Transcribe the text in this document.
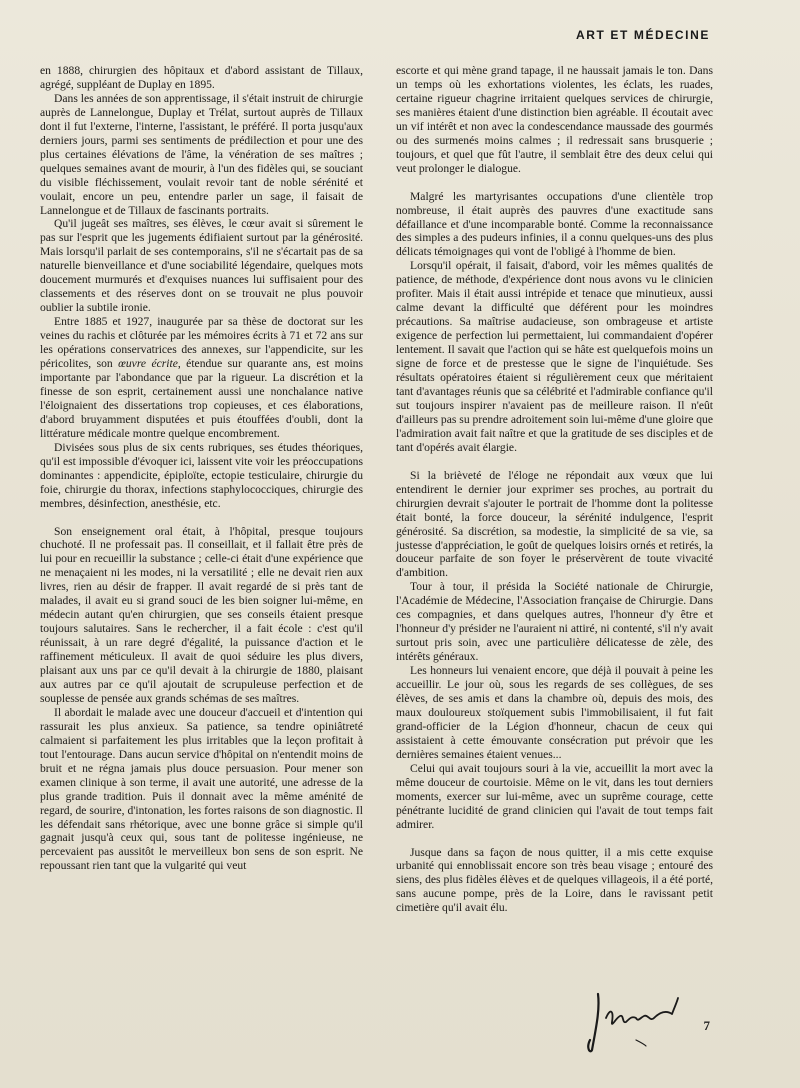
ART ET MÉDECINE

en 1888, chirurgien des hôpitaux et d'abord assistant de Tillaux, agrégé, suppléant de Duplay en 1895.

Dans les années de son apprentissage, il s'était instruit de chirurgie auprès de Lannelongue, Duplay et Trélat, surtout auprès de Tillaux dont il fut l'externe, l'interne, l'assistant, le préféré. Il porta jusqu'aux derniers jours, parmi ses sentiments de prédilection et pour une des plus certaines élévations de l'âme, la vénération de ses maîtres ; quelques semaines avant de mourir, à l'un des fidèles qui, se souciant du visible fléchissement, voulait revoir tant de noble sérénité et voulait, encore un peu, entendre parler un sage, il faisait de Lannelongue et de Tillaux de fascinants portraits.

Qu'il jugeât ses maîtres, ses élèves, le cœur avait si sûrement le pas sur l'esprit que les jugements édifiaient surtout par la générosité. Mais lorsqu'il parlait de ses contemporains, s'il ne s'écartait pas de sa naturelle bienveillance et d'une sociabilité légendaire, quelques mots doucement murmurés et d'exquises nuances lui suffisaient pour des classements et des réserves dont on se trouvait ne plus pouvoir oublier la subtile ironie.

Entre 1885 et 1927, inaugurée par sa thèse de doctorat sur les veines du rachis et clôturée par les mémoires écrits à 71 et 72 ans sur les opérations conservatrices des annexes, sur l'appendicite, sur les péricolites, son œuvre écrite, étendue sur quarante ans, est moins importante par l'abondance que par la rigueur. La discrétion et la finesse de son esprit, certainement aussi une nonchalance native l'éloignaient des dissertations trop copieuses, et ces élaborations, d'abord bruyamment disputées et puis étouffées d'oubli, dont la littérature médicale montre quelque encombrement.

Divisées sous plus de six cents rubriques, ses études théoriques, qu'il est impossible d'évoquer ici, laissent vite voir les préoccupations dominantes : appendicite, épiploïte, ectopie testiculaire, chirurgie du foie, chirurgie du thorax, infections staphylococciques, chirurgie des membres, désinfection, anesthésie, etc.

Son enseignement oral était, à l'hôpital, presque toujours chuchoté. Il ne professait pas. Il conseillait, et il fallait être près de lui pour en recueillir la substance ; celle-ci était d'une expérience que ne menaçaient ni les modes, ni la versatilité ; elle ne devait rien aux livres, rien au désir de frapper. Il avait regardé de si près tant de malades, il avait eu si grand souci de les bien soigner lui-même, en médecin autant qu'en chirurgien, que ses conseils étaient presque toujours salutaires. Sans le rechercher, il a fait école : c'est qu'il réunissait, à un rare degré d'égalité, la puissance d'action et le raffinement méticuleux. Il avait de quoi séduire les plus divers, plaisant aux uns par ce qu'il devait à la chirurgie de 1880, plaisant aux autres par ce qu'il ajoutait de scrupuleuse perfection et de souplesse de pensée aux grands schémas de ses maîtres.

Il abordait le malade avec une douceur d'accueil et d'intention qui rassurait les plus anxieux. Sa patience, sa tendre opiniâtreté calmaient si parfaitement les plus irritables que la leçon profitait à tout l'entourage. Dans aucun service d'hôpital on n'entendit moins de bruit et ne régna jamais plus douce persuasion. Pour mener son examen clinique à son terme, il avait une autorité, une adresse de la plus grande tradition. Puis il donnait avec la même aménité de regard, de sourire, d'intonation, les fortes raisons de son diagnostic. Il les défendait sans rhétorique, avec une bonne grâce si simple qu'il gagnait jusqu'à ceux qui, sous tant de politesse ingénieuse, ne percevaient pas aussitôt le merveilleux bon sens de son esprit. Ne repoussant rien tant que la vulgarité qui veut

escorte et qui mène grand tapage, il ne haussait jamais le ton. Dans un temps où les exhortations violentes, les éclats, les ruades, certaine rigueur chagrine irritaient quelques services de chirurgie, ses manières étaient d'une distinction bien agréable. Il écoutait avec un vif intérêt et non avec la condescendance maussade des gourmés ou des surmenés moins calmes ; il redressait sans brusquerie ; toujours, et quel que fût l'autre, il semblait être des deux celui qui veut prolonger le dialogue.

Malgré les martyrisantes occupations d'une clientèle trop nombreuse, il était auprès des pauvres d'une exactitude sans défaillance et d'une incomparable bonté. Comme la reconnaissance des simples a des pudeurs infinies, il a connu quelques-uns des plus délicats témoignages qui vont de l'obligé à l'homme de bien.

Lorsqu'il opérait, il faisait, d'abord, voir les mêmes qualités de patience, de méthode, d'expérience dont nous avons vu le clinicien profiter. Mais il était aussi intrépide et tenace que minutieux, aussi calme devant la difficulté que déférent pour les moindres précautions. Sa maîtrise audacieuse, son ombrageuse et artiste exigence de perfection lui permettaient, lui commandaient d'opérer lentement. Il savait que l'action qui se hâte est quelquefois moins un signe de force et de prestesse que le signe de l'inquiétude. Ses résultats opératoires étaient si régulièrement ceux que méritaient tant d'avantages réunis que sa célébrité et l'admirable confiance qu'il sut toujours inspirer n'avaient pas de meilleure raison. Il n'eût d'ailleurs pas su prendre adroitement soin lui-même d'une gloire que l'admiration avait fait naître et que la gratitude de ses disciples et de tant d'opérés avait élargie.

Si la brièveté de l'éloge ne répondait aux vœux que lui entendirent le dernier jour exprimer ses proches, au portrait du chirurgien devrait s'ajouter le portrait de l'homme dont la politesse était bonté, la force douceur, la sérénité indulgence, l'esprit générosité. Sa discrétion, sa modestie, la simplicité de sa vie, sa justesse d'appréciation, le goût de quelques loisirs ornés et retirés, la douceur parfaite de son foyer le préservèrent de toute vivacité d'ambition.

Tour à tour, il présida la Société nationale de Chirurgie, l'Académie de Médecine, l'Association française de Chirurgie. Dans ces compagnies, et dans quelques autres, l'honneur d'y être et l'honneur d'y présider ne l'auraient ni attiré, ni contenté, s'il n'y avait surtout pris soin, avec une particulière délicatesse de zèle, des intérêts généraux.

Les honneurs lui venaient encore, que déjà il pouvait à peine les accueillir. Le jour où, sous les regards de ses collègues, de ses élèves, de ses amis et dans la chambre où, depuis des mois, des maux douloureux stoïquement subis l'immobilisaient, il fut fait grand-officier de la Légion d'honneur, chacun de ceux qui assistaient à cette émouvante consécration put prévoir que les dernières semaines étaient venues...

Celui qui avait toujours souri à la vie, accueillit la mort avec la même douceur de courtoisie. Même on le vit, dans les tout derniers moments, exercer sur lui-même, avec un suprême courage, cette pénétrante lucidité de grand clinicien qui l'avait de tout temps fait admirer.

Jusque dans sa façon de nous quitter, il a mis cette exquise urbanité qui ennoblissait encore son très beau visage ; entouré des siens, des plus fidèles élèves et de quelques villageois, il a été porté, sans aucune pompe, près de la Loire, dans le ravissant petit cimetière qu'il avait élu.

7
